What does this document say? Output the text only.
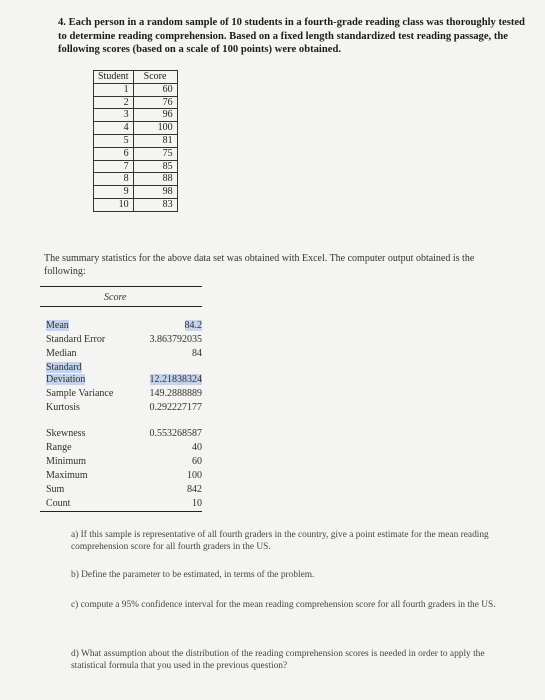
4. Each person in a random sample of 10 students in a fourth-grade reading class was thoroughly tested to determine reading comprehension. Based on a fixed length standardized test reading passage, the following scores (based on a scale of 100 points) were obtained.
Student	Score
1	60
2	76
3	96
4	100
5	81
6	75
7	85
8	88
9	98
10	83
The summary statistics for the above data set was obtained with Excel. The computer output obtained is the following:
Score
Mean	84.2
Standard Error	3.863792035
Median	84
Standard
Deviation	12.21838324
Sample Variance	149.2888889
Kurtosis	0.292227177
Skewness	0.553268587
Range	40
Minimum	60
Maximum	100
Sum	842
Count	10
a) If this sample is representative of all fourth graders in the country, give a point estimate for the mean reading comprehension score for all fourth graders in the US.
b) Define the parameter to be estimated, in terms of the problem.
c) compute a 95% confidence interval for the mean reading comprehension score for all fourth graders in the US.
d) What assumption about the distribution of the reading comprehension scores is needed in order to apply the statistical formula that you used in the previous question?
